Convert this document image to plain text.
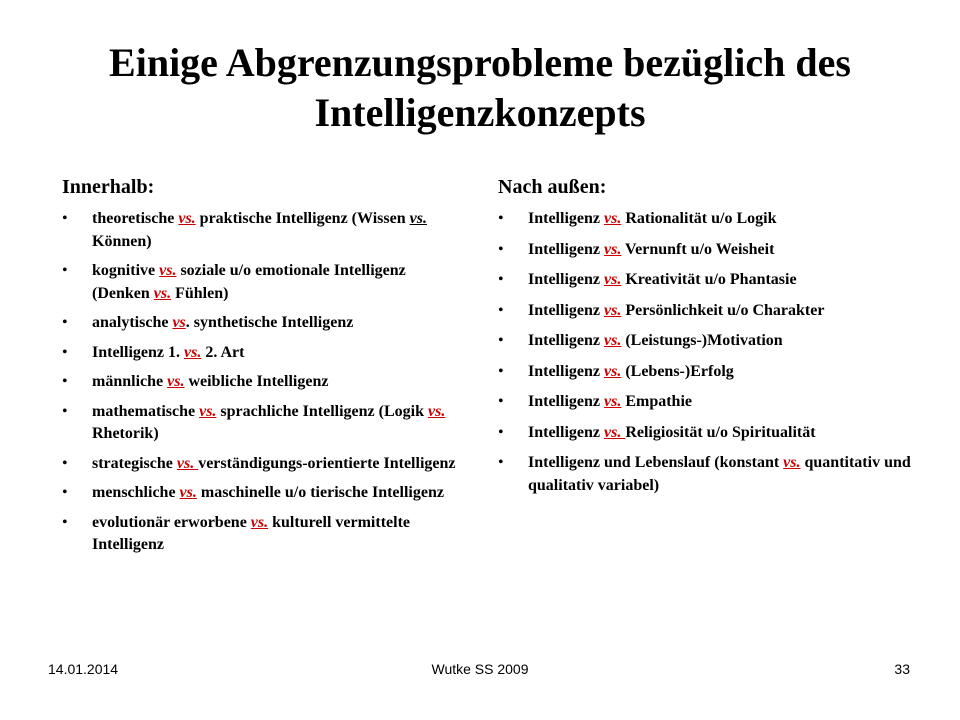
Einige Abgrenzungsprobleme bezüglich des Intelligenzkonzepts

Innerhalb:

• theoretische vs. praktische Intelligenz (Wissen vs. Können)
• kognitive vs. soziale u/o emotionale Intelligenz (Denken vs. Fühlen)
• analytische vs. synthetische Intelligenz
• Intelligenz 1. vs. 2. Art
• männliche vs. weibliche Intelligenz
• mathematische vs. sprachliche Intelligenz (Logik vs. Rhetorik)
• strategische vs. verständigungs-orientierte Intelligenz
• menschliche vs. maschinelle u/o tierische Intelligenz
• evolutionär erworbene vs. kulturell vermittelte Intelligenz

Nach außen:

• Intelligenz vs. Rationalität u/o Logik
• Intelligenz vs. Vernunft u/o Weisheit
• Intelligenz vs. Kreativität u/o Phantasie
• Intelligenz vs. Persönlichkeit u/o Charakter
• Intelligenz vs. (Leistungs-)Motivation
• Intelligenz vs. (Lebens-)Erfolg
• Intelligenz vs. Empathie
• Intelligenz vs. Religiosität u/o Spiritualität
• Intelligenz und Lebenslauf (konstant vs. quantitativ und qualitativ variabel)
14.01.2014	Wutke SS 2009	33
